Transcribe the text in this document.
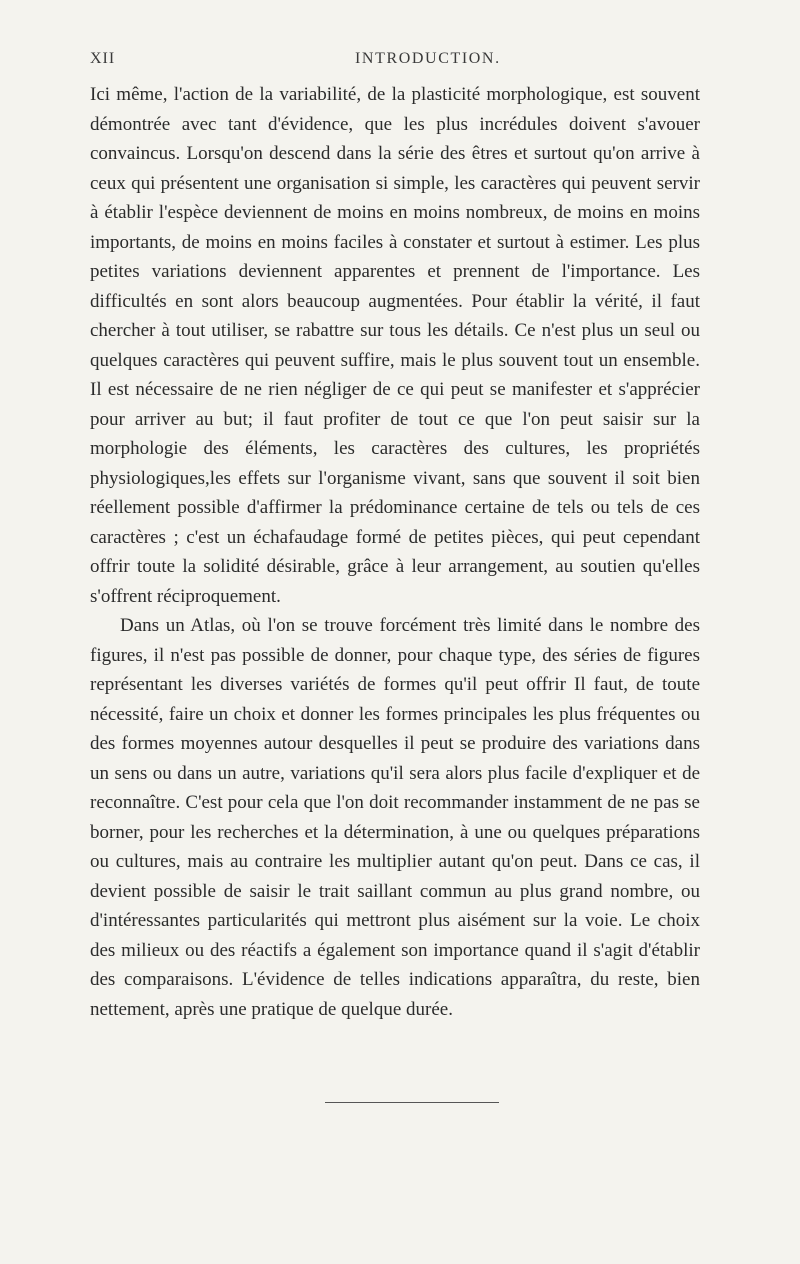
XII	INTRODUCTION.

Ici même, l'action de la variabilité, de la plasticité morphologique, est souvent démontrée avec tant d'évidence, que les plus incrédules doivent s'avouer convaincus. Lorsqu'on descend dans la série des êtres et surtout qu'on arrive à ceux qui présentent une organisation si simple, les caractères qui peuvent servir à établir l'espèce deviennent de moins en moins nombreux, de moins en moins importants, de moins en moins faciles à constater et surtout à estimer. Les plus petites variations deviennent apparentes et prennent de l'importance. Les difficultés en sont alors beaucoup augmentées. Pour établir la vérité, il faut chercher à tout utiliser, se rabattre sur tous les détails. Ce n'est plus un seul ou quelques caractères qui peuvent suffire, mais le plus souvent tout un ensemble. Il est nécessaire de ne rien négliger de ce qui peut se manifester et s'apprécier pour arriver au but; il faut profiter de tout ce que l'on peut saisir sur la morphologie des éléments, les caractères des cultures, les propriétés physiologiques,les effets sur l'organisme vivant, sans que souvent il soit bien réellement possible d'affirmer la prédominance certaine de tels ou tels de ces caractères ; c'est un échafaudage formé de petites pièces, qui peut cependant offrir toute la solidité désirable, grâce à leur arrangement, au soutien qu'elles s'offrent réciproquement.

Dans un Atlas, où l'on se trouve forcément très limité dans le nombre des figures, il n'est pas possible de donner, pour chaque type, des séries de figures représentant les diverses variétés de formes qu'il peut offrir Il faut, de toute nécessité, faire un choix et donner les formes principales les plus fréquentes ou des formes moyennes autour desquelles il peut se produire des variations dans un sens ou dans un autre, variations qu'il sera alors plus facile d'expliquer et de reconnaître. C'est pour cela que l'on doit recommander instamment de ne pas se borner, pour les recherches et la détermination, à une ou quelques préparations ou cultures, mais au contraire les multiplier autant qu'on peut. Dans ce cas, il devient possible de saisir le trait saillant commun au plus grand nombre, ou d'intéressantes particularités qui mettront plus aisément sur la voie. Le choix des milieux ou des réactifs a également son importance quand il s'agit d'établir des comparaisons. L'évidence de telles indications apparaîtra, du reste, bien nettement, après une pratique de quelque durée.
